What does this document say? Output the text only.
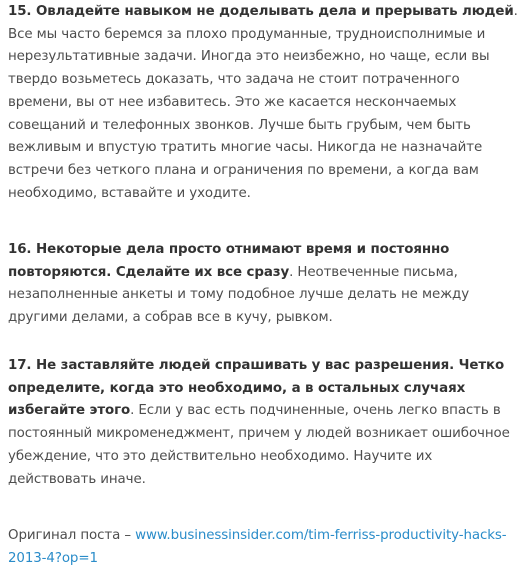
15. Овладейте навыком не доделывать дела и прерывать людей.
Все мы часто беремся за плохо продуманные, труднoисполнимые и
нерезультативные задачи. Иногда это неизбежно, но чаще, если вы
твердо возьметесь доказать, что задача не стоит потраченного
времени, вы от нее избавитесь. Это же касается нескончаемых
совещаний и телефонных звонков. Лучше быть грубым, чем быть
вежливым и впустую тратить многие часы. Никогда не назначайте
встречи без четкого плана и ограничения по времени, а когда вам
необходимо, вставайте и уходите.

16. Некоторые дела просто отнимают время и постоянно
повторяются. Сделайте их все сразу. Неотвеченные письма,
незаполненные анкеты и тому подобное лучше делать не между
другими делами, а собрав все в кучу, рывком.

17. Не заставляйте людей спрашивать у вас разрешения. Четко
определите, когда это необходимо, а в остальных случаях
избегайте этого. Если у вас есть подчиненные, очень легко впасть в
постоянный микроменеджмент, причем у людей возникает ошибочное
убеждение, что это действительно необходимо. Научите их
действовать иначе.

Оригинал поста – www.businessinsider.com/tim-ferriss-productivity-hacks-
2013-4?op=1
